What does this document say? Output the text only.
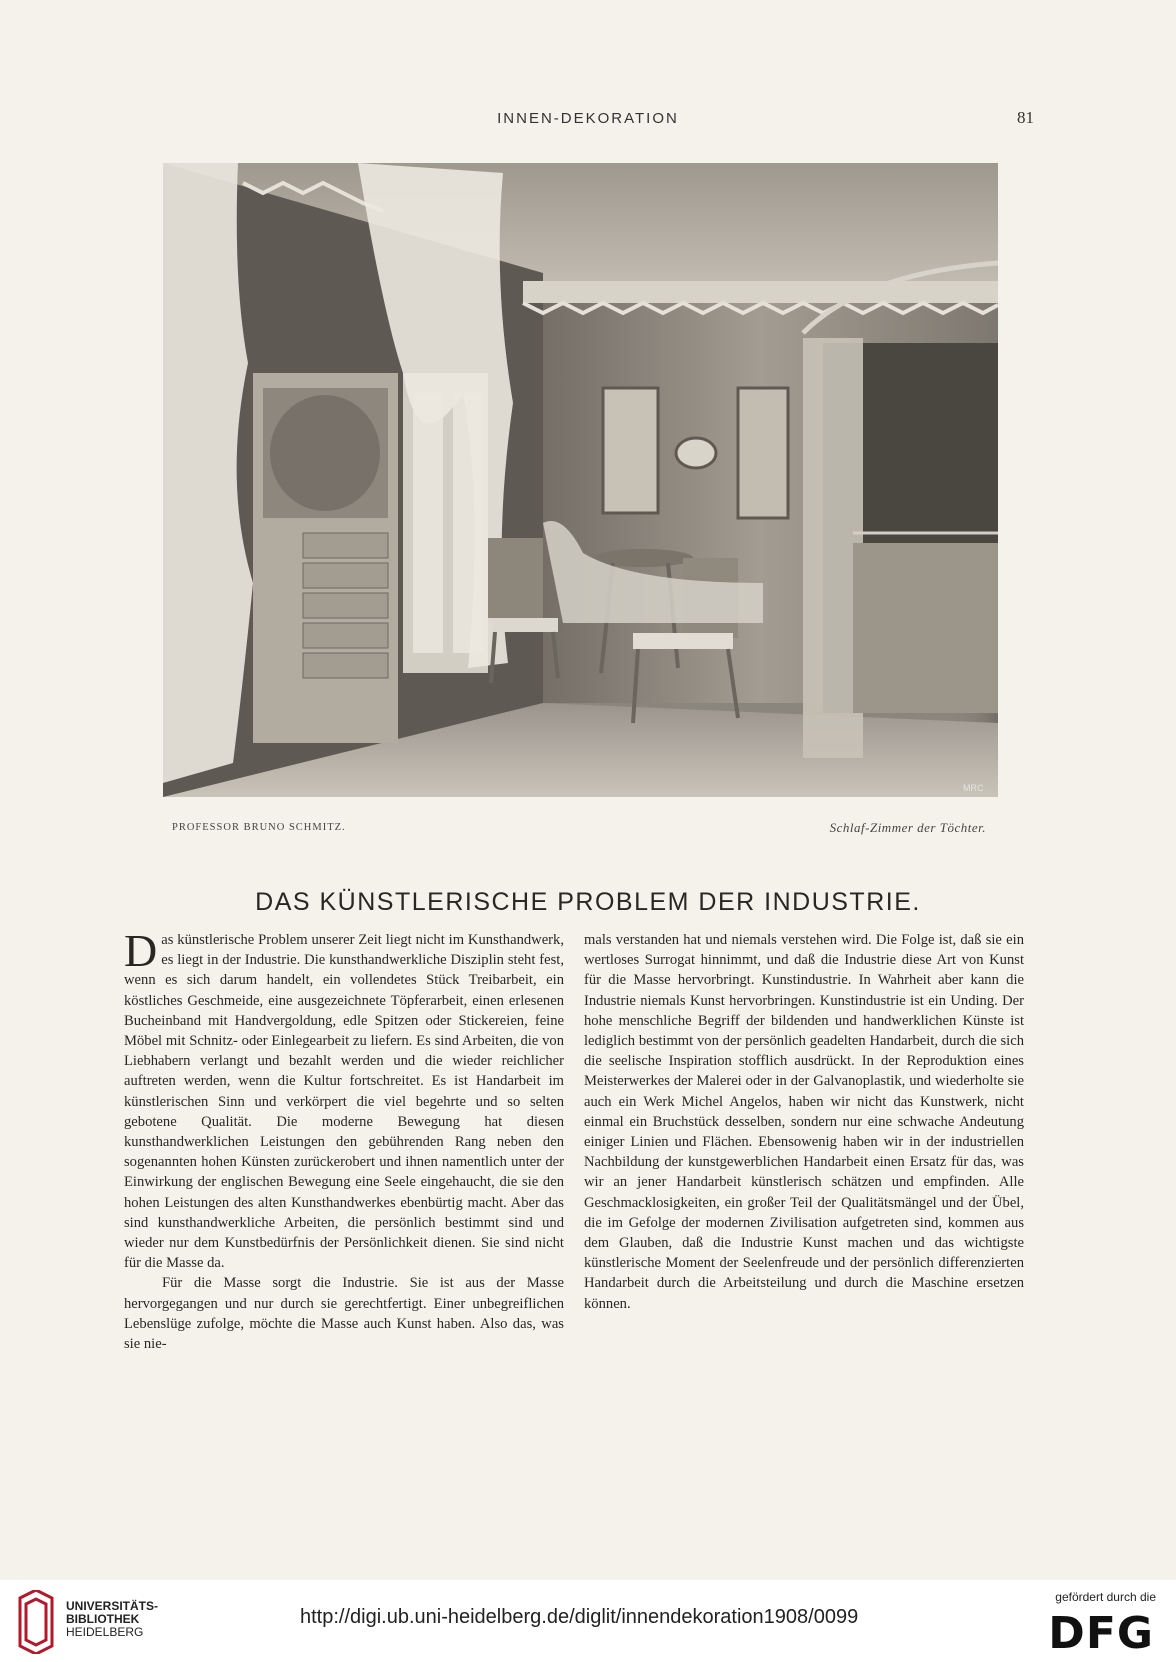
INNEN-DEKORATION	81
MRC
PROFESSOR BRUNO SCHMITZ.	Schlaf-Zimmer der Töchter.
DAS KÜNSTLERISCHE PROBLEM DER INDUSTRIE.

Das künstlerische Problem unserer Zeit liegt nicht im Kunsthandwerk, es liegt in der Industrie. Die kunsthandwerkliche Disziplin steht fest, wenn es sich darum handelt, ein vollendetes Stück Treibarbeit, ein köstliches Geschmeide, eine ausgezeichnete Töpferarbeit, einen erlesenen Bucheinband mit Handvergoldung, edle Spitzen oder Stickereien, feine Möbel mit Schnitz- oder Einlegearbeit zu liefern. Es sind Arbeiten, die von Liebhabern verlangt und bezahlt werden und die wieder reichlicher auftreten werden, wenn die Kultur fortschreitet. Es ist Handarbeit im künstlerischen Sinn und verkörpert die viel begehrte und so selten gebotene Qualität. Die moderne Bewegung hat diesen kunsthandwerklichen Leistungen den gebührenden Rang neben den sogenannten hohen Künsten zurückerobert und ihnen namentlich unter der Einwirkung der englischen Bewegung eine Seele eingehaucht, die sie den hohen Leistungen des alten Kunsthandwerkes ebenbürtig macht. Aber das sind kunsthandwerkliche Arbeiten, die persönlich bestimmt sind und wieder nur dem Kunstbedürfnis der Persönlichkeit dienen. Sie sind nicht für die Masse da.

Für die Masse sorgt die Industrie. Sie ist aus der Masse hervorgegangen und nur durch sie gerechtfertigt. Einer unbegreiflichen Lebenslüge zufolge, möchte die Masse auch Kunst haben. Also das, was sie nie-

mals verstanden hat und niemals verstehen wird. Die Folge ist, daß sie ein wertloses Surrogat hinnimmt, und daß die Industrie diese Art von Kunst für die Masse hervorbringt. Kunstindustrie. In Wahrheit aber kann die Industrie niemals Kunst hervorbringen. Kunstindustrie ist ein Unding. Der hohe menschliche Begriff der bildenden und handwerklichen Künste ist lediglich bestimmt von der persönlich geadelten Handarbeit, durch die sich die seelische Inspiration stofflich ausdrückt. In der Reproduktion eines Meisterwerkes der Malerei oder in der Galvanoplastik, und wiederholte sie auch ein Werk Michel Angelos, haben wir nicht das Kunstwerk, nicht einmal ein Bruchstück desselben, sondern nur eine schwache Andeutung einiger Linien und Flächen. Ebensowenig haben wir in der industriellen Nachbildung der kunstgewerblichen Handarbeit einen Ersatz für das, was wir an jener Handarbeit künstlerisch schätzen und empfinden. Alle Geschmacklosigkeiten, ein großer Teil der Qualitätsmängel und der Übel, die im Gefolge der modernen Zivilisation aufgetreten sind, kommen aus dem Glauben, daß die Industrie Kunst machen und das wichtigste künstlerische Moment der Seelenfreude und der persönlich differenzierten Handarbeit durch die Arbeitsteilung und durch die Maschine ersetzen können.

UNIVERSITÄTS-
BIBLIOTHEK
HEIDELBERG
http://digi.ub.uni-heidelberg.de/diglit/innendekoration1908/0099
gefördert durch die
DFG
